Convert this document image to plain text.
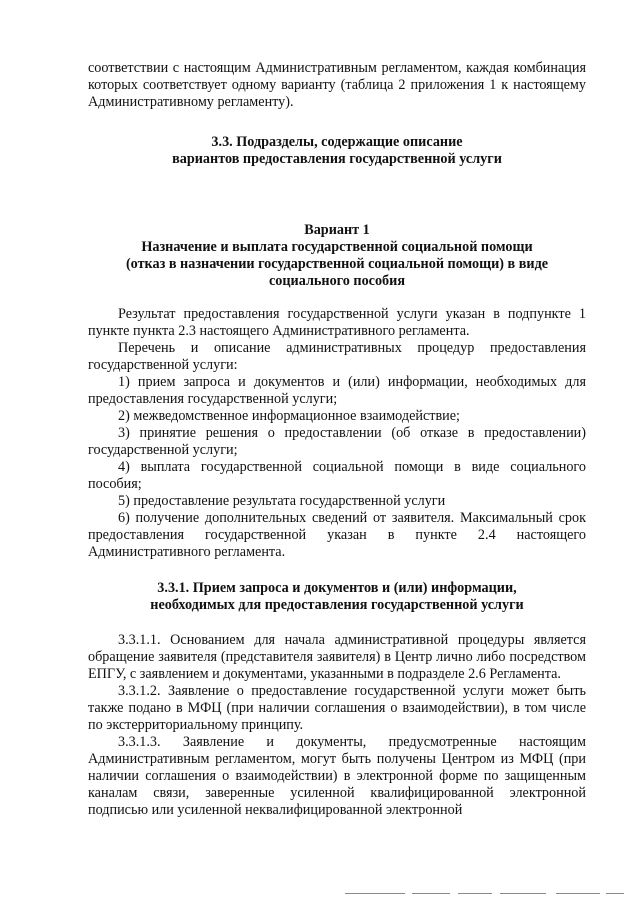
соответствии с настоящим Административным регламентом, каждая комбинация которых соответствует одному варианту (таблица 2 приложения 1 к настоящему Административному регламенту).

3.3. Подразделы, содержащие описание
вариантов предоставления государственной услуги
Вариант 1
Назначение и выплата государственной социальной помощи
(отказ в назначении государственной социальной помощи) в виде
социального пособия

Результат предоставления государственной услуги указан в подпункте 1 пункте пункта 2.3 настоящего Административного регламента.

Перечень и описание административных процедур предоставления государственной услуги:

1) прием запроса и документов и (или) информации, необходимых для предоставления государственной услуги;

2) межведомственное информационное взаимодействие;

3) принятие решения о предоставлении (об отказе в предоставлении) государственной услуги;

4) выплата государственной социальной помощи в виде социального пособия;

5) предоставление результата государственной услуги

6) получение дополнительных сведений от заявителя. Максимальный срок предоставления государственной указан в пункте 2.4 настоящего Административного регламента.

3.3.1. Прием запроса и документов и (или) информации,
необходимых для предоставления государственной услуги

3.3.1.1. Основанием для начала административной процедуры является обращение заявителя (представителя заявителя) в Центр лично либо посредством ЕПГУ, с заявлением и документами, указанными в подразделе 2.6 Регламента.

3.3.1.2. Заявление о предоставление государственной услуги может быть также подано в МФЦ (при наличии соглашения о взаимодействии), в том числе по экстерриториальному принципу.

3.3.1.3. Заявление и документы, предусмотренные настоящим Административным регламентом, могут быть получены Центром из МФЦ (при наличии соглашения о взаимодействии) в электронной форме по защищенным каналам связи, заверенные усиленной квалифицированной электронной подписью или усиленной неквалифицированной электронной
